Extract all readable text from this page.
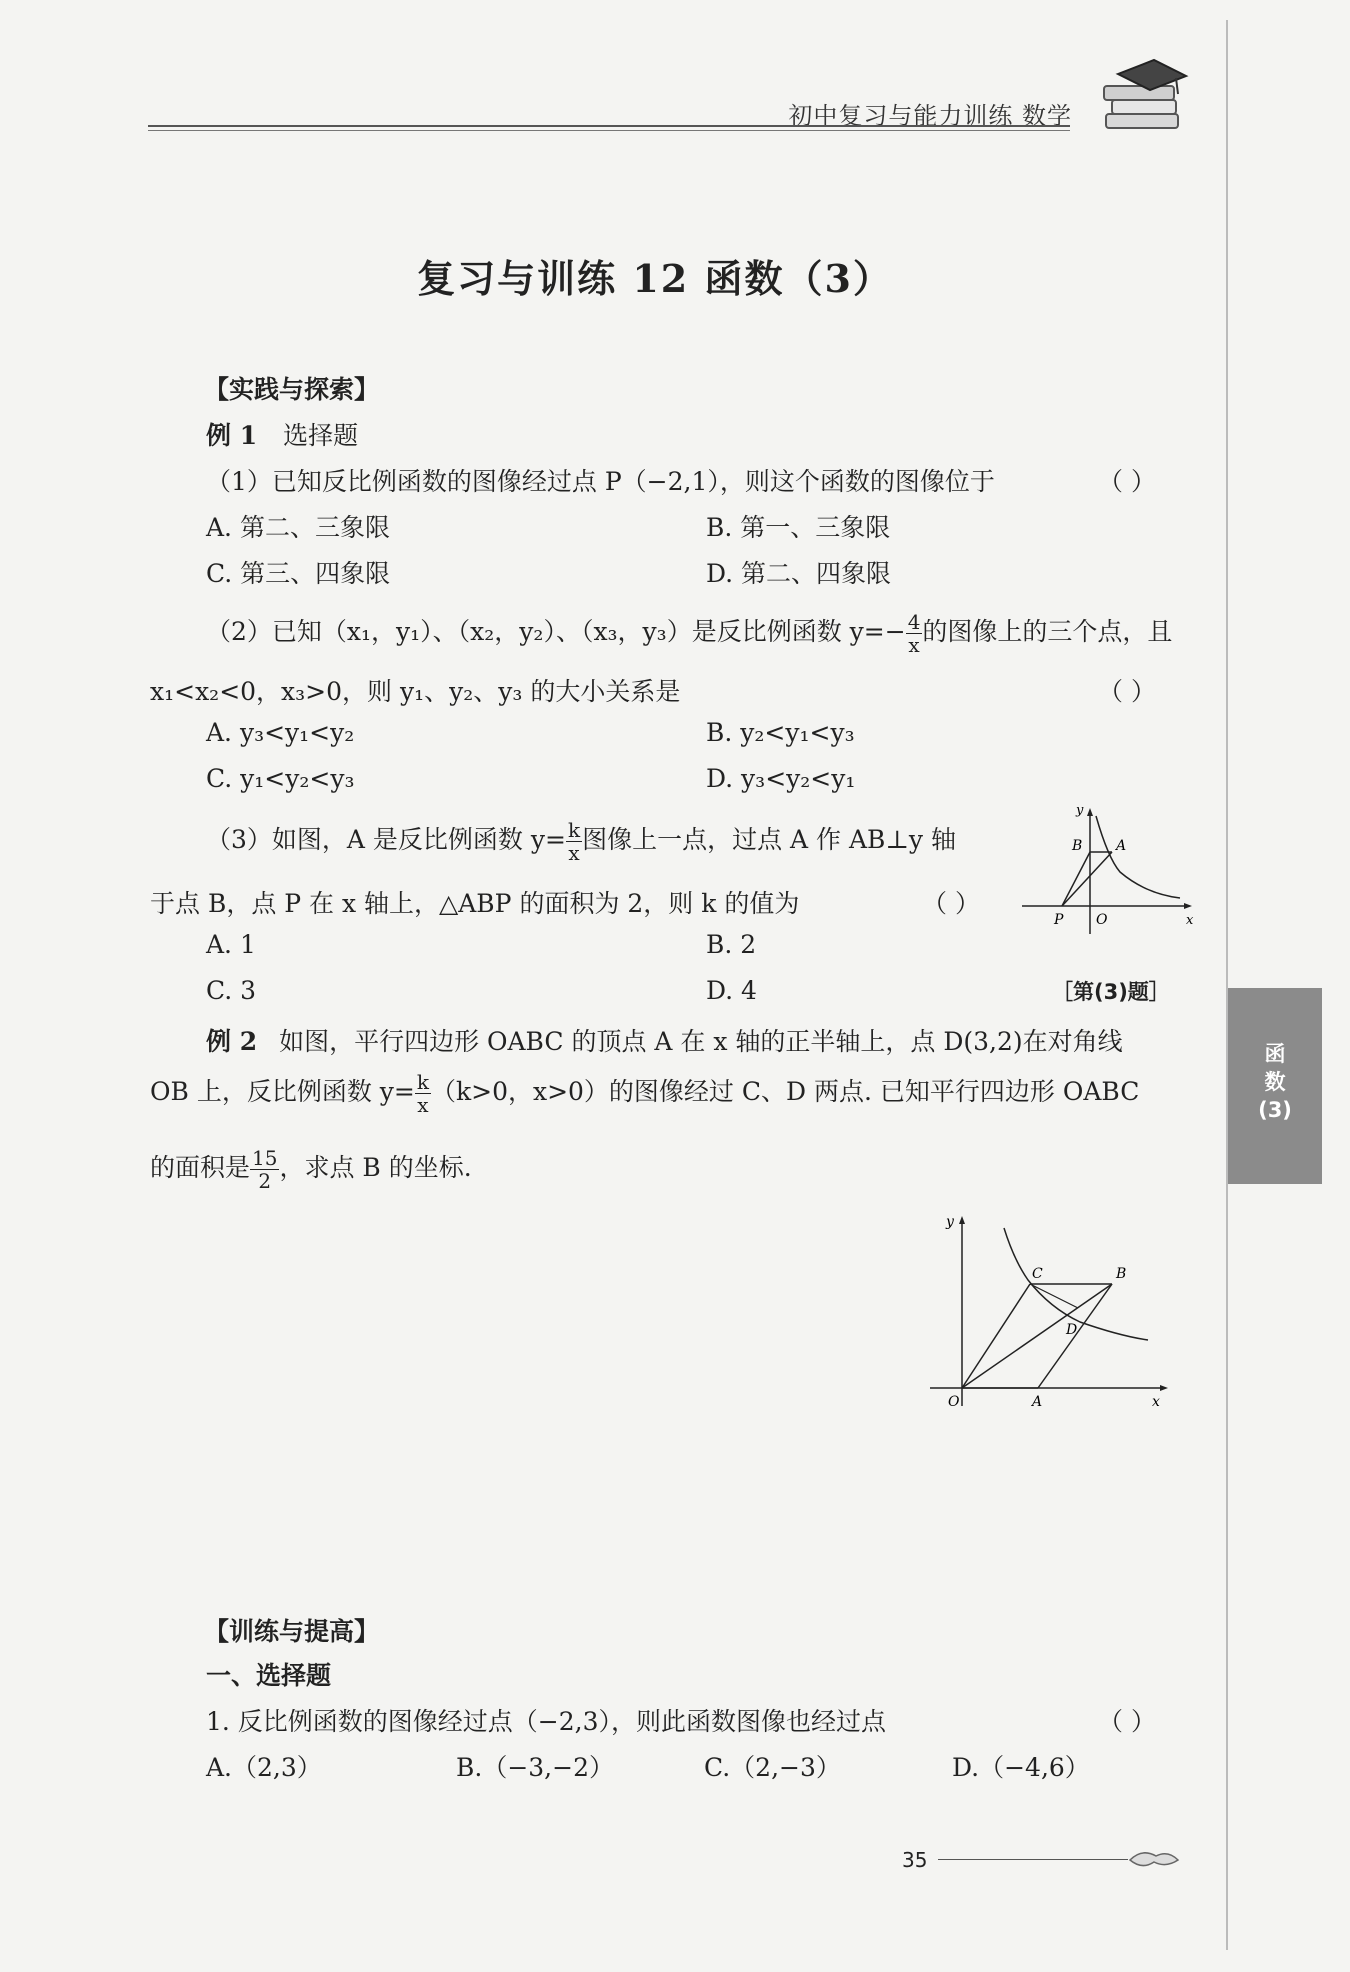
初中复习与能力训练 数学
复习与训练 12 函数（3）
【实践与探索】
例 1 选择题
（1）已知反比例函数的图像经过点 P（−2,1），则这个函数的图像位于	（ ）
A. 第二、三象限	B. 第一、三象限
C. 第三、四象限	D. 第二、四象限
（2）已知（x₁，y₁）、（x₂，y₂）、（x₃，y₃）是反比例函数 $y=- \frac{4}{x}$ 的图像上的三个点，且
x₁<x₂<0，x₃>0，则 y₁、y₂、y₃ 的大小关系是	（ ）
A. y₃<y₁<y₂	B. y₂<y₁<y₃
C. y₁<y₂<y₃	D. y₃<y₂<y₁
（3）如图，A 是反比例函数 $y= \frac{k}{x}$ 图像上一点，过点 A 作 AB⊥y 轴
于点 B，点 P 在 x 轴上，△ABP 的面积为 2，则 k 的值为	（ ）
A. 1	B. 2
C. 3	D. 4
y
x
B A
P O
［第(3)题］
例 2 如图，平行四边形 OABC 的顶点 A 在 x 轴的正半轴上，点 D(3,2)在对角线
OB 上，反比例函数 $y= \frac{k}{x} (k>0$，x>0）的图像经过 C、D 两点. 已知平行四边形 OABC
的面积是 $\frac{15}{2}$ ，求点 B 的坐标.
y
x
C	B
D
O	A
函
数
(3)
【训练与提高】
一、选择题
1. 反比例函数的图像经过点（−2,3），则此函数图像也经过点	（ ）
A.（2,3）	B.（−3,−2）	C.（2,−3）	D.（−4,6）
35
